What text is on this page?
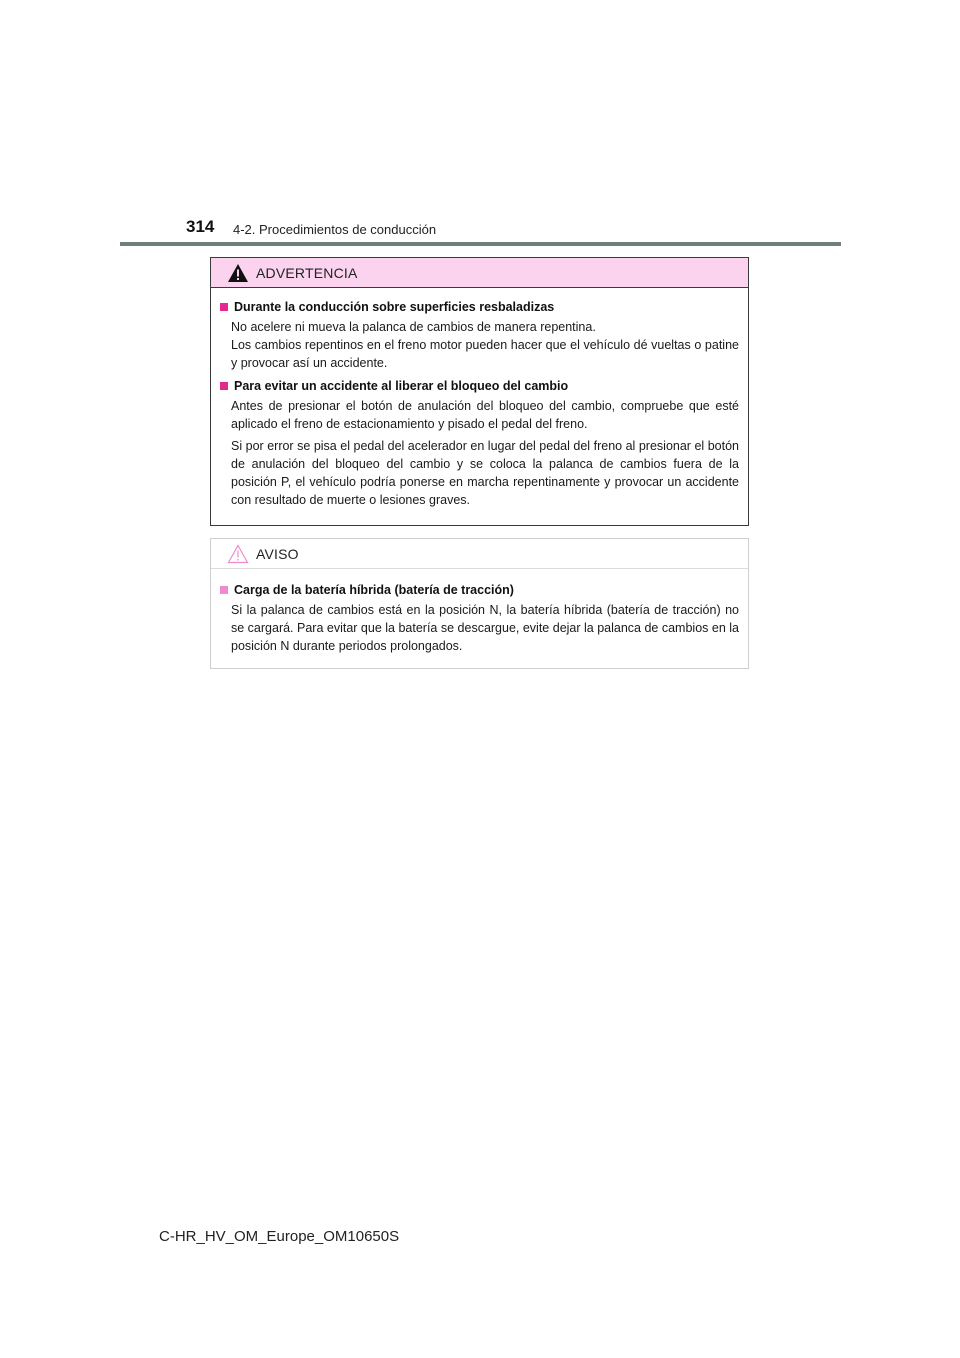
314 4-2. Procedimientos de conducción
ADVERTENCIA
Durante la conducción sobre superficies resbaladizas
No acelere ni mueva la palanca de cambios de manera repentina.
Los cambios repentinos en el freno motor pueden hacer que el vehículo dé vueltas o patine y provocar así un accidente.
Para evitar un accidente al liberar el bloqueo del cambio
Antes de presionar el botón de anulación del bloqueo del cambio, compruebe que esté aplicado el freno de estacionamiento y pisado el pedal del freno.
Si por error se pisa el pedal del acelerador en lugar del pedal del freno al presionar el botón de anulación del bloqueo del cambio y se coloca la palanca de cambios fuera de la posición P, el vehículo podría ponerse en marcha repentinamente y provocar un accidente con resultado de muerte o lesiones graves.
AVISO
Carga de la batería híbrida (batería de tracción)
Si la palanca de cambios está en la posición N, la batería híbrida (batería de tracción) no se cargará. Para evitar que la batería se descargue, evite dejar la palanca de cambios en la posición N durante periodos prolongados.
C-HR_HV_OM_Europe_OM10650S
